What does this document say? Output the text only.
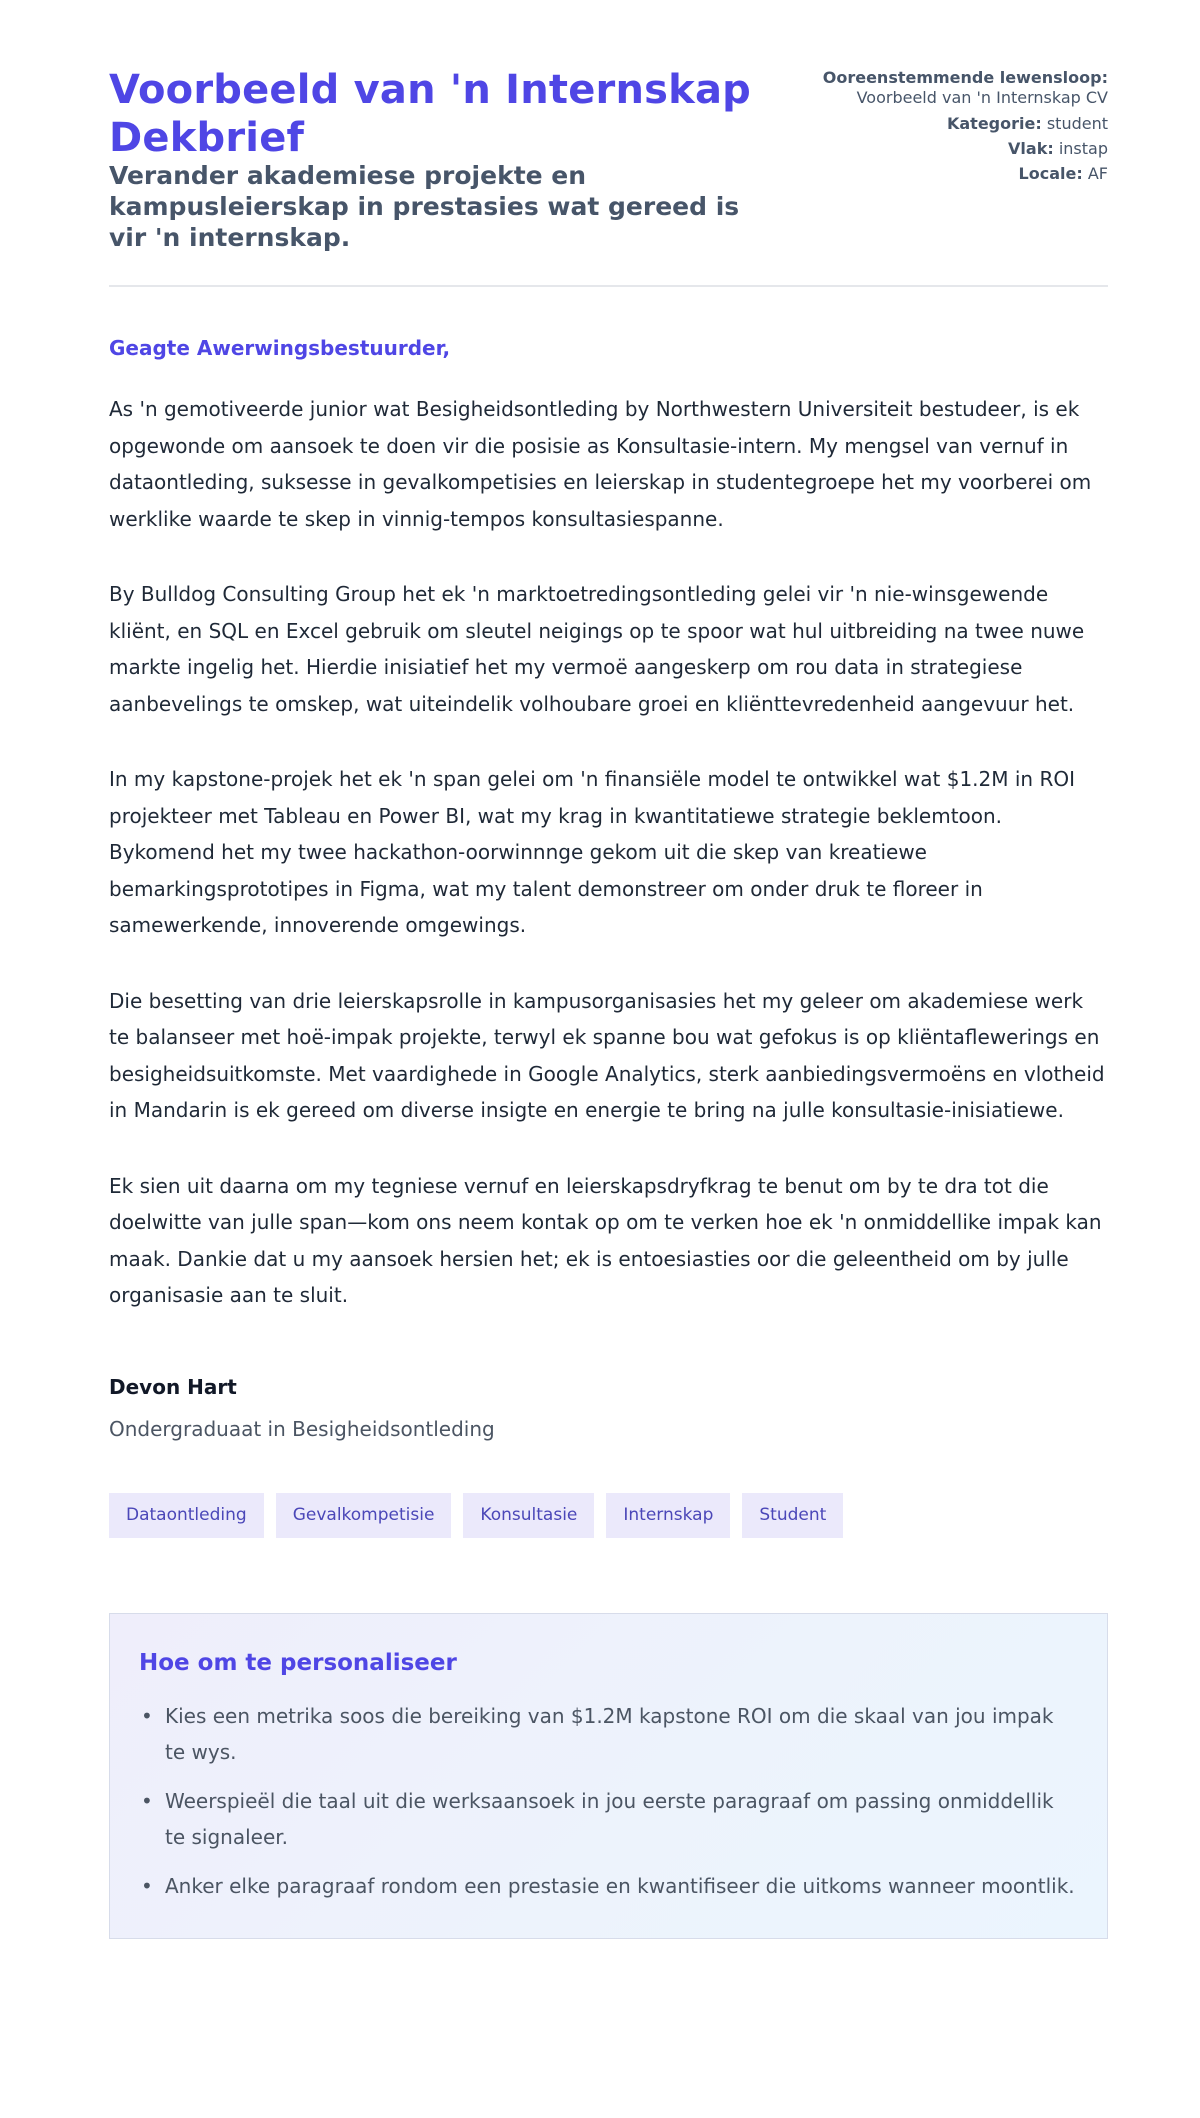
Voorbeeld van 'n Internskap Dekbrief
Verander akademiese projekte en kampusleierskap in prestasies wat gereed is vir 'n internskap.
Ooreenstemmende lewensloop: Voorbeeld van 'n Internskap CV
Kategorie: student
Vlak: instap
Locale: AF

Geagte Awerwingsbestuurder,

As 'n gemotiveerde junior wat Besigheidsontleding by Northwestern Universiteit bestudeer, is ek opgewonde om aansoek te doen vir die posisie as Konsultasie-intern. My mengsel van vernuf in dataontleding, suksesse in gevalkompetisies en leierskap in studentegroepe het my voorberei om werklike waarde te skep in vinnig-tempos konsultasiespanne.

By Bulldog Consulting Group het ek 'n marktoetredingsontleding gelei vir 'n nie-winsgewende kliënt, en SQL en Excel gebruik om sleutel neigings op te spoor wat hul uitbreiding na twee nuwe markte ingelig het. Hierdie inisiatief het my vermoë aangeskerp om rou data in strategiese aanbevelings te omskep, wat uiteindelik volhoubare groei en kliënttevredenheid aangevuur het.

In my kapstone-projek het ek 'n span gelei om 'n finansiële model te ontwikkel wat $1.2M in ROI projekteer met Tableau en Power BI, wat my krag in kwantitatiewe strategie beklemtoon. Bykomend het my twee hackathon-oorwinnnge gekom uit die skep van kreatiewe bemarkingsprototipes in Figma, wat my talent demonstreer om onder druk te floreer in samewerkende, innoverende omgewings.

Die besetting van drie leierskapsrolle in kampusorganisasies het my geleer om akademiese werk te balanseer met hoë-impak projekte, terwyl ek spanne bou wat gefokus is op kliëntaflewerings en besigheidsuitkomste. Met vaardighede in Google Analytics, sterk aanbiedingsvermoëns en vlotheid in Mandarin is ek gereed om diverse insigte en energie te bring na julle konsultasie-inisiatiewe.

Ek sien uit daarna om my tegniese vernuf en leierskapsdryfkrag te benut om by te dra tot die doelwitte van julle span—kom ons neem kontak op om te verken hoe ek 'n onmiddellike impak kan maak. Dankie dat u my aansoek hersien het; ek is entoesiasties oor die geleentheid om by julle organisasie aan te sluit.

Devon Hart

Ondergraduaat in Besigheidsontleding

Dataontleding	Gevalkompetisie	Konsultasie	Internskap	Student
Hoe om te personaliseer
• Kies een metrika soos die bereiking van $1.2M kapstone ROI om die skaal van jou impak te wys.
• Weerspieël die taal uit die werksaansoek in jou eerste paragraaf om passing onmiddellik te signaleer.
• Anker elke paragraaf rondom een prestasie en kwantifiseer die uitkoms wanneer moontlik.
